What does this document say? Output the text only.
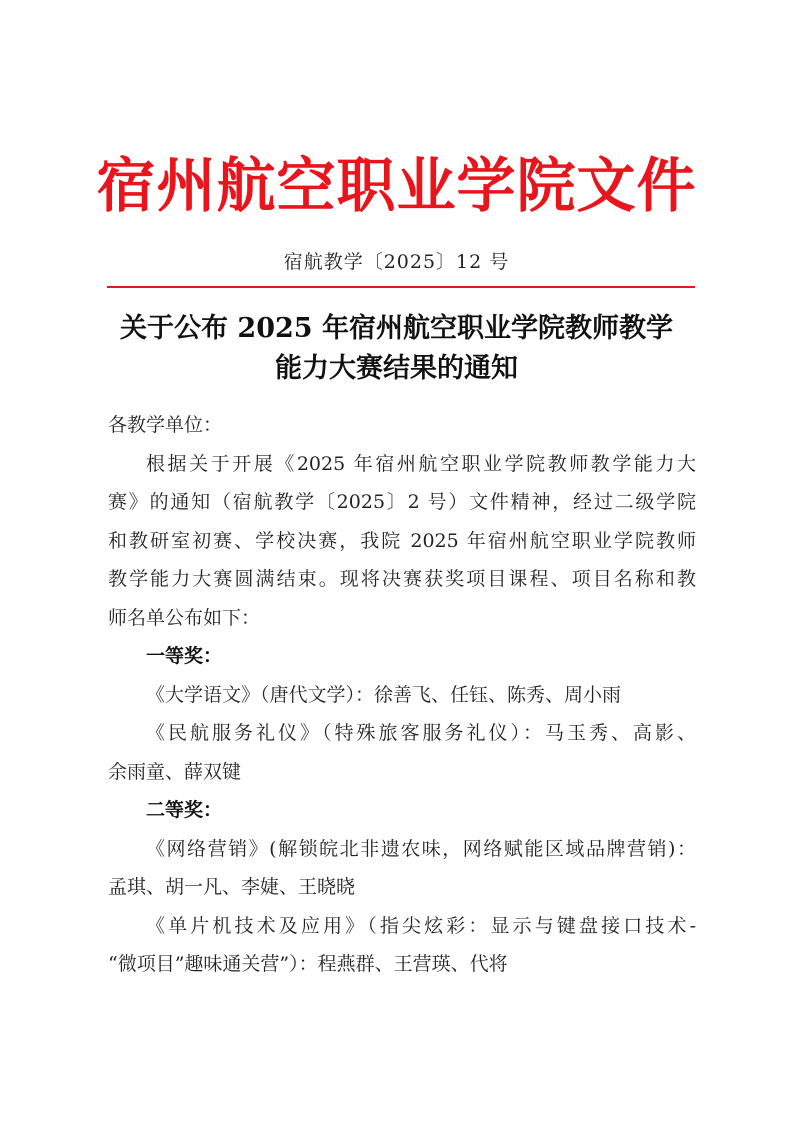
宿州航空职业学院文件
宿航教学〔2025〕12 号
关于公布 2025 年宿州航空职业学院教师教学
能力大赛结果的通知
各教学单位：
根据关于开展《2025 年宿州航空职业学院教师教学能力大
赛》的通知（宿航教学〔2025〕2 号）文件精神，经过二级学院
和教研室初赛、学校决赛，我院 2025 年宿州航空职业学院教师
教学能力大赛圆满结束。现将决赛获奖项目课程、项目名称和教
师名单公布如下：
一等奖：
《大学语文》（唐代文学）：徐善飞、任钰、陈秀、周小雨
《民航服务礼仪》（特殊旅客服务礼仪）：马玉秀、高影、
余雨童、薛双键
二等奖：
《网络营销》(解锁皖北非遗农味，网络赋能区域品牌营销)：
孟琪、胡一凡、李婕、王晓晓
《单片机技术及应用》（指尖炫彩：显示与键盘接口技术-
“微项目”趣味通关营”）：程燕群、王营瑛、代将
